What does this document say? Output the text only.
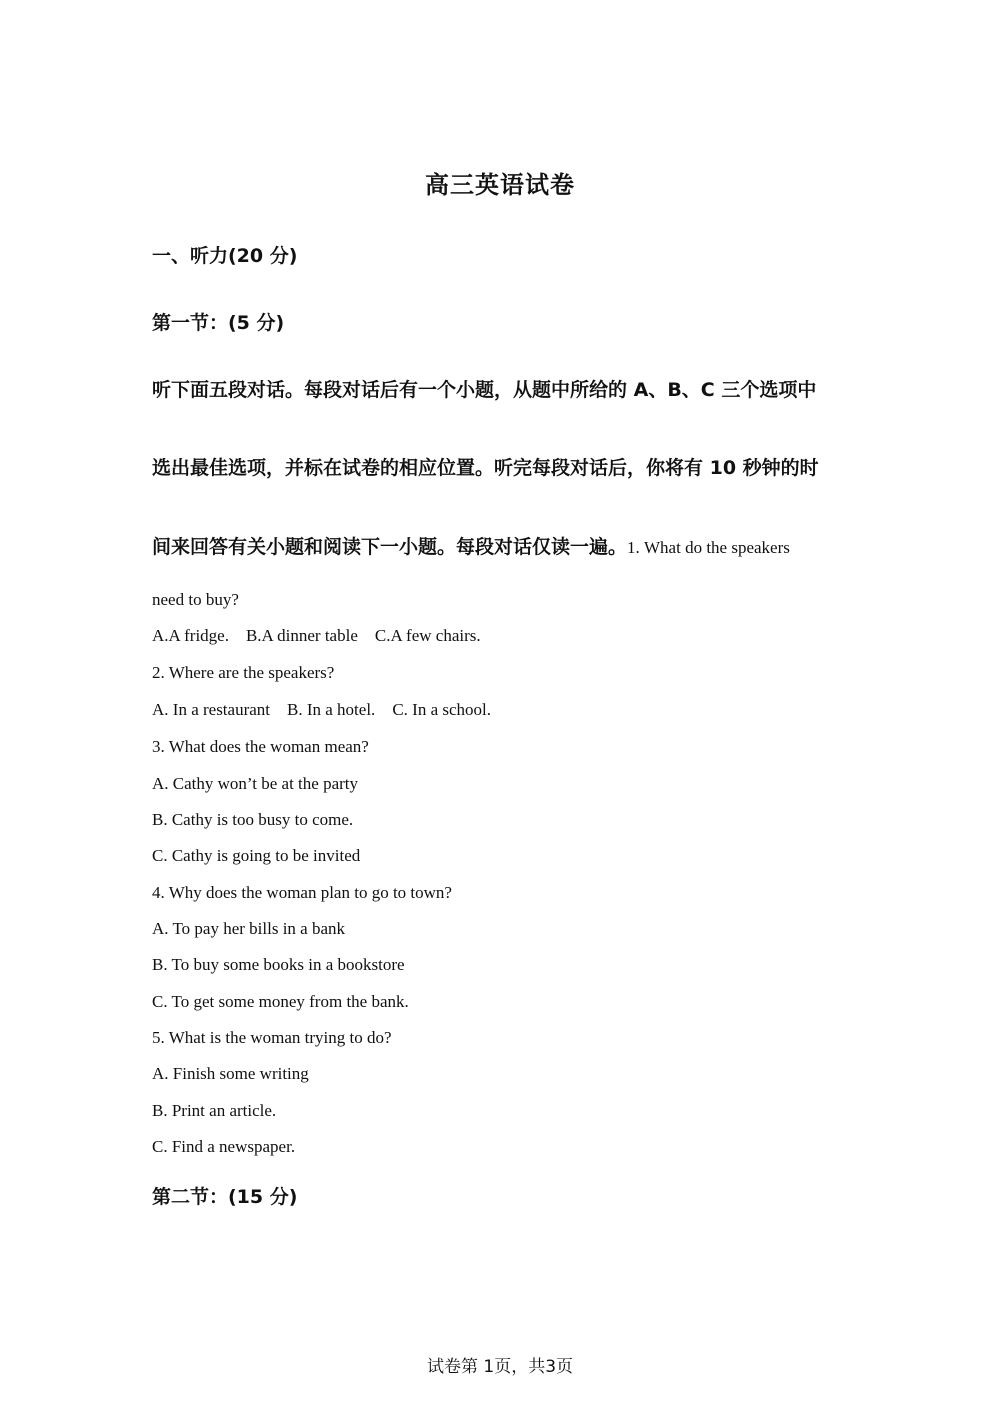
高三英语试卷
一、听力(20 分)
第一节：(5 分)
听下面五段对话。每段对话后有一个小题，从题中所给的 A、B、C 三个选项中
选出最佳选项，并标在试卷的相应位置。听完每段对话后，你将有 10 秒钟的时
间来回答有关小题和阅读下一小题。每段对话仅读一遍。1. What do the speakers
need to buy?
A.A fridge. B.A dinner table C.A few chairs.
2. Where are the speakers?
A. In a restaurant B. In a hotel. C. In a school.
3. What does the woman mean?
A. Cathy won’t be at the party
B. Cathy is too busy to come.
C. Cathy is going to be invited
4. Why does the woman plan to go to town?
A. To pay her bills in a bank
B. To buy some books in a bookstore
C. To get some money from the bank.
5. What is the woman trying to do?
A. Finish some writing
B. Print an article.
C. Find a newspaper.
第二节：(15 分)
试卷第 1页，共3页
